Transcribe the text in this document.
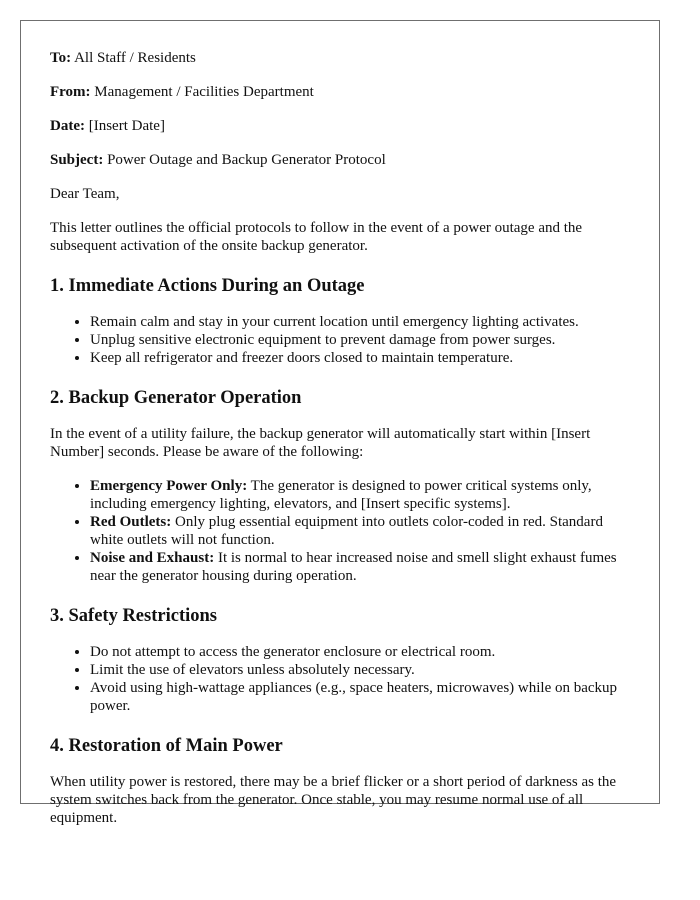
To: All Staff / Residents

From: Management / Facilities Department

Date: [Insert Date]

Subject: Power Outage and Backup Generator Protocol

Dear Team,

This letter outlines the official protocols to follow in the event of a power outage and the subsequent activation of the onsite backup generator.

1. Immediate Actions During an Outage
• Remain calm and stay in your current location until emergency lighting activates.
• Unplug sensitive electronic equipment to prevent damage from power surges.
• Keep all refrigerator and freezer doors closed to maintain temperature.
2. Backup Generator Operation

In the event of a utility failure, the backup generator will automatically start within [Insert Number] seconds. Please be aware of the following:

• Emergency Power Only: The generator is designed to power critical systems only, including emergency lighting, elevators, and [Insert specific systems].
• Red Outlets: Only plug essential equipment into outlets color-coded in red. Standard white outlets will not function.
• Noise and Exhaust: It is normal to hear increased noise and smell slight exhaust fumes near the generator housing during operation.
3. Safety Restrictions
• Do not attempt to access the generator enclosure or electrical room.
• Limit the use of elevators unless absolutely necessary.
• Avoid using high-wattage appliances (e.g., space heaters, microwaves) while on backup power.
4. Restoration of Main Power

When utility power is restored, there may be a brief flicker or a short period of darkness as the system switches back from the generator. Once stable, you may resume normal use of all equipment.
